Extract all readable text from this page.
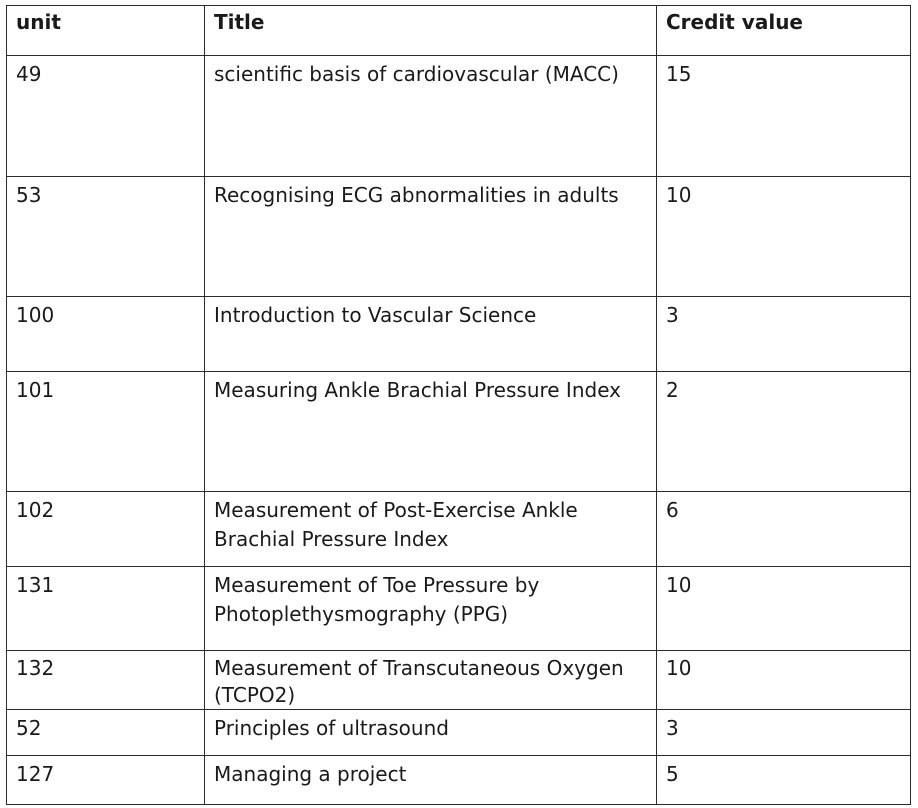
unit	Title	Credit value
49	scientific basis of cardiovascular (MACC)	15
53	Recognising ECG abnormalities in adults	10
100	Introduction to Vascular Science	3
101	Measuring Ankle Brachial Pressure Index	2
102	Measurement of Post-Exercise Ankle Brachial Pressure Index	6
131	Measurement of Toe Pressure by Photoplethysmography (PPG)	10
132	Measurement of Transcutaneous Oxygen (TCPO2)	10
52	Principles of ultrasound	3
127	Managing a project	5
